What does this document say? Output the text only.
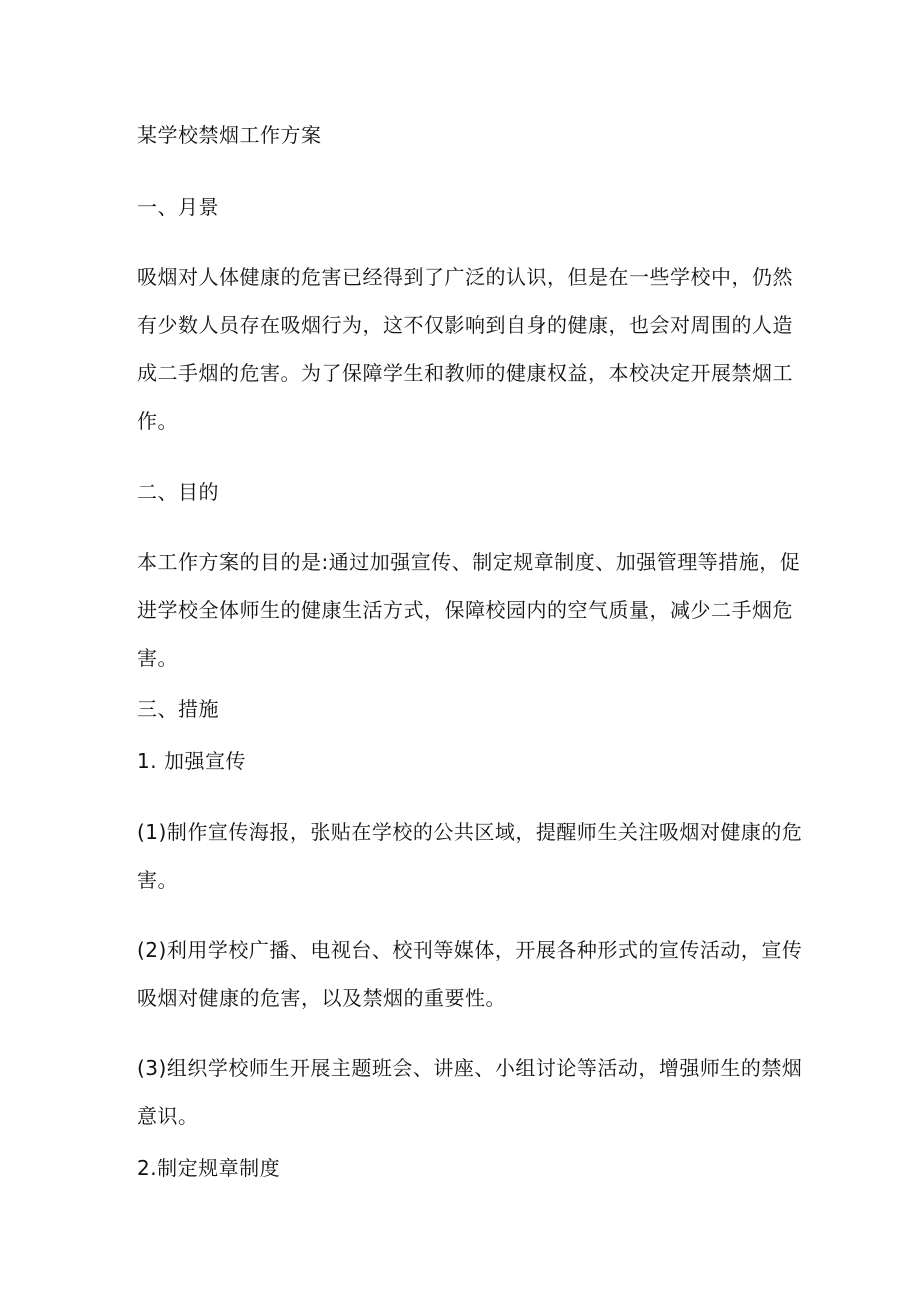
某学校禁烟工作方案

一、月景

吸烟对人体健康的危害已经得到了广泛的认识，但是在一些学校中，仍然

有少数人员存在吸烟行为，这不仅影响到自身的健康，也会对周围的人造

成二手烟的危害。为了保障学生和教师的健康权益，本校决定开展禁烟工

作。

二、目的

本工作方案的目的是:通过加强宣传、制定规章制度、加强管理等措施，促

进学校全体师生的健康生活方式，保障校园内的空气质量，减少二手烟危

害。

三、措施

1. 加强宣传

(1)制作宣传海报，张贴在学校的公共区域，提醒师生关注吸烟对健康的危

害。

(2)利用学校广播、电视台、校刊等媒体，开展各种形式的宣传活动，宣传

吸烟对健康的危害，以及禁烟的重要性。

(3)组织学校师生开展主题班会、讲座、小组讨论等活动，增强师生的禁烟

意识。

2.制定规章制度
